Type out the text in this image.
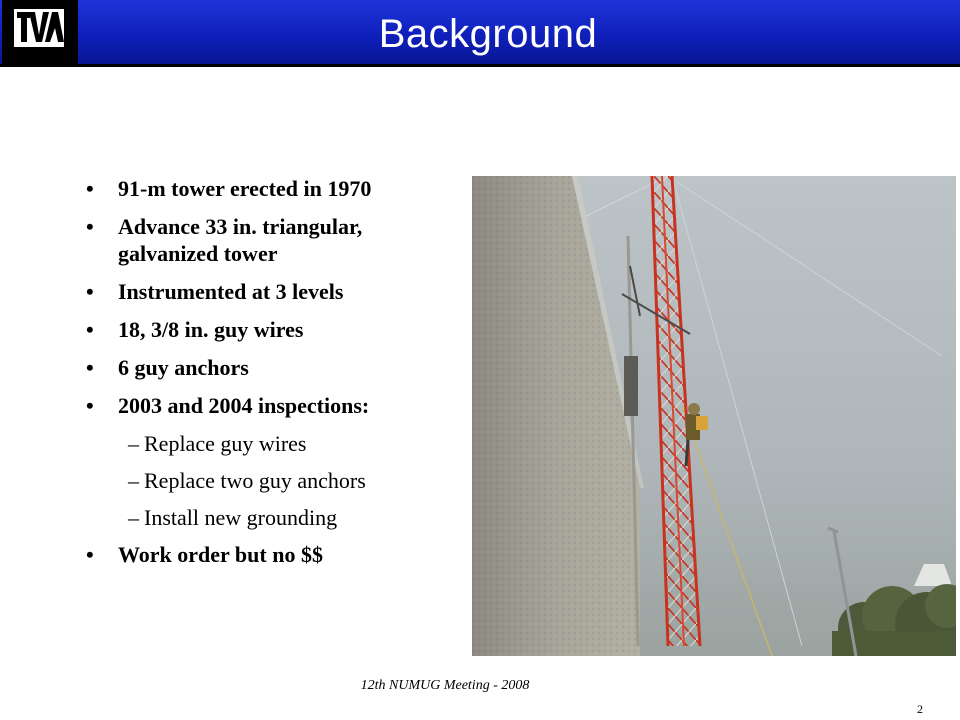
Background
• 91-m tower erected in 1970
• Advance 33 in. triangular, galvanized tower
• Instrumented at 3 levels
• 18, 3/8 in. guy wires
• 6 guy anchors
• 2003 and 2004 inspections:
– Replace guy wires
– Replace two guy anchors
– Install new grounding
• Work order but no $$
12th NUMUG Meeting - 2008
2
